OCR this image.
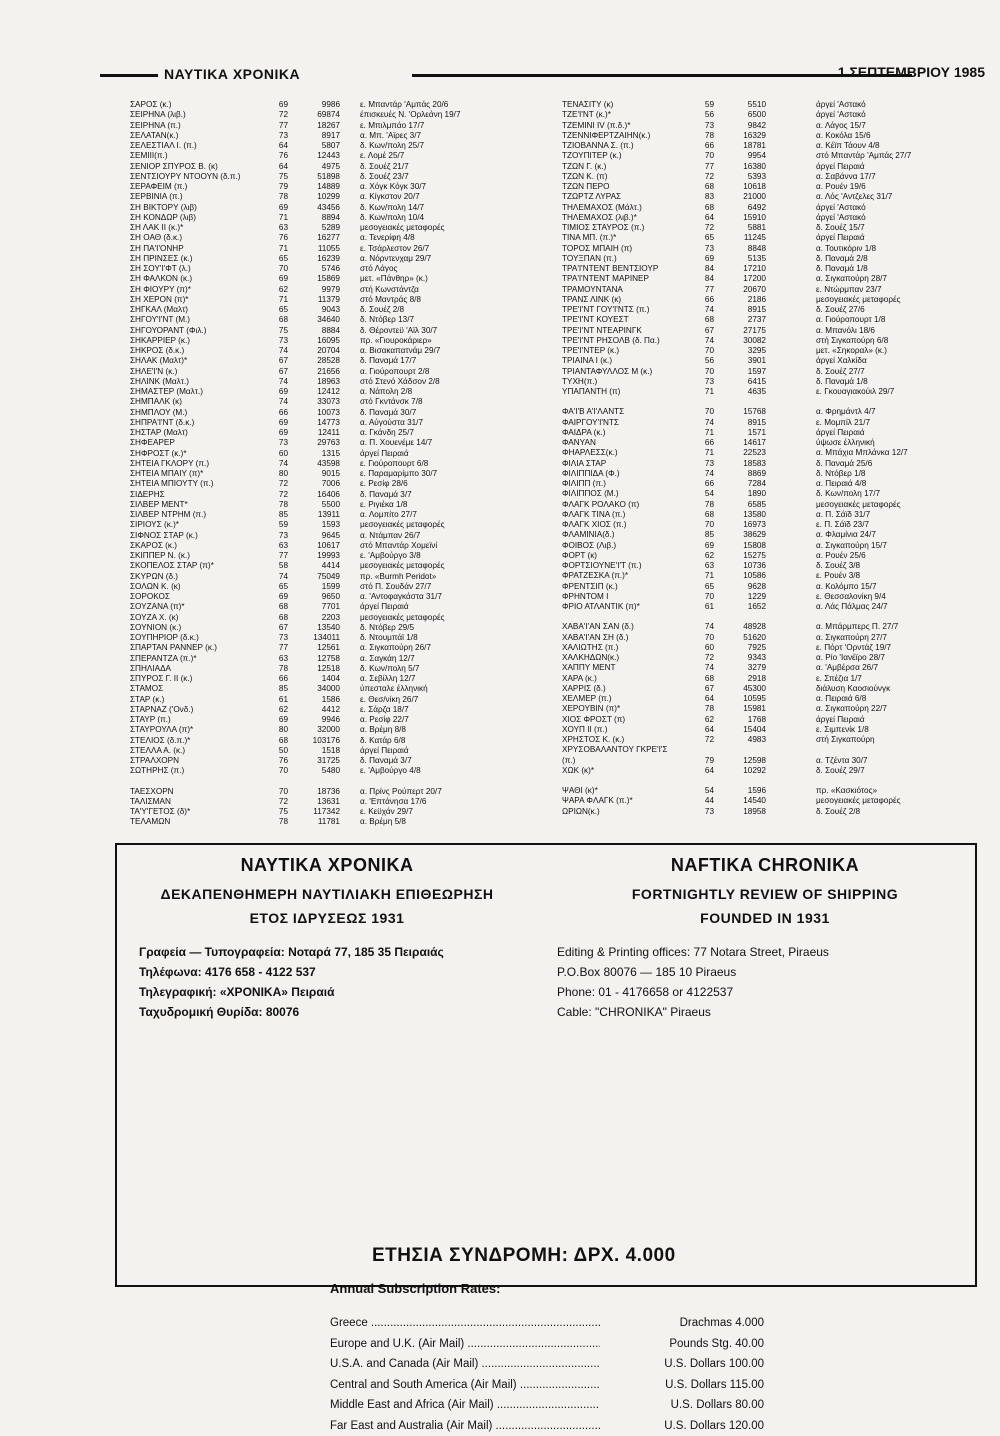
ΝΑΥΤΙΚΑ ΧΡΟΝΙΚΑ	1 ΣΕΠΤΕΜΒΡΙΟΥ 1985
ΣΑΡΟΣ (κ.)	69	9986 ε. Μπαντάρ 'Αμπάς 20/6
ΣΕΙΡΗΝΑ (λιβ.)	72	69874 έπισκευές Ν. 'Ορλεάνη 19/7
ΣΕΙΡΗΝΑ (π.)	77	18267 ε. Μπιλμπάο 17/7
ΣΕΛΑΤΑΝ(κ.)	73	8917 α. Μπ. 'Αϊρες 3/7
ΣΕΛΕΣΤΙΑΛ Ι. (π.)	64	5807 δ. Κων/πολη 25/7
ΣΕΜΙΙΙ(π.)	76	12443 ε. Λομέ 25/7
ΣΕΝΙΟΡ ΣΠΥΡΟΣ Β. (κ)	64	4975 δ. Σουέζ 21/7
ΣΕΝΤΣΙΟΥΡΥ ΝΤΟΟΥΝ (δ.π.)	75	51898 δ. Σουέζ 23/7
ΣΕΡΑΦΕΙΜ (π.)	79	14889 α. Χόγκ Κόγκ 30/7
ΣΕΡΒΙΝΙΑ (π.)	78	10299 α. Κίγκστον 20/7
ΣΗ ΒΙΚΤΟΡΥ (λιβ)	69	43456 δ. Κων/πολη 14/7
ΣΗ ΚΟΝΔΩΡ (λιβ)	71	8894 δ. Κων/πολη 10/4
ΣΗ ΛΑΚ ΙΙ (κ.)*	63	5289 μεσογειακές μεταφορές
ΣΗ ΟΑΘ (δ.κ.)	76	16277 α. Τενερίφη 4/8
ΣΗ ΠΑ'Ι'ΟΝΗΡ	71	11055 ε. Τσάρλεστον 26/7
ΣΗ ΠΡΙΝΣΕΣ (κ.)	65	16239 α. Νόρντενχαμ 29/7
ΣΗ ΣΟΥ'Ι'ΦΤ (λ.)	70	5746 στό Λάγος
ΣΗ ΦΑΛΚΟΝ (κ.)	69	15869 μετ. «Πάνθηρ» (κ.)
ΣΗ ΦΙΟΥΡΥ (π)*	62	9979 στή Κωνστάντζα
ΣΗ ΧΕΡΟΝ (π)*	71	11379 στό Μαντράς 8/8
ΣΗΓΚΑΛ (Μαλτ)	65	9043 δ. Σουέζ 2/8
ΣΗΓΟΥ'Ι'ΝΤ (Μ.)	68	34640 δ. Ντόβερ 13/7
ΣΗΓΟΥΟΡΑΝΤ (Φιλ.)	75	8884 δ. Θέροντεϋ 'Αϊλ 30/7
ΣΗΚΑΡΡΙΕΡ (κ.)	73	16095 πρ. «Γιουροκάριερ»
ΣΗΚΡΟΣ (δ.κ.)	74	20704 α. Βισακαπατνάμ 29/7
ΣΗΛΑΚ (Μαλτ)*	67	28528 δ. Παναμά 17/7
ΣΗΛΕ'Ι'Ν (κ.)	67	21656 α. Γιούροπουρτ 2/8
ΣΗΛΙΝΚ (Μαλτ.)	74	18963 στό Στενό Χάδσον 2/8
ΣΗΜΑΣΤΕΡ (Μαλτ.)	69	12412 α. Νάπολη 2/8
ΣΗΜΠΑΛΚ (κ)	74	33073 στό Γκντάνσκ 7/8
ΣΗΜΠΛΟΥ (Μ.)	66	10073 δ. Παναμά 30/7
ΣΗΠΡΑ'Ι'ΝΤ (δ.κ.)	69	14773 α. Αύγούστα 31/7
ΣΗΣΤΑΡ (Μαλτ)	69	12411 α. Γκάνδη 25/7
ΣΗΦΕΑΡΕΡ	73	29763 α. Π. Χουενέμε 14/7
ΣΗΦΡΟΣΤ (κ.)*	60	1315 άργεί Πειραιά
ΣΗΤΕΙΑ ΓΚΛΟΡΥ (π.)	74	43598 ε. Γιούροπουρτ 6/8
ΣΗΤΕΙΑ ΜΠΑΙΥ (π)*	80	9015 ε. Παραμαρίμπο 30/7
ΣΗΤΕΙΑ ΜΠΙΟΥΤΥ (π.)	72	7006 ε. Ρεσίφ 28/6
ΣΙΔΕΡΗΣ	72	16406 δ. Παναμά 3/7
ΣΙΛΒΕΡ ΜΕΝΤ*	78	5500 ε. Ριγιέκα 1/8
ΣΙΛΒΕΡ ΝΤΡΗΜ (π.)	85	13911 α. Λομπίτο 27/7
ΣΙΡΙΟΥΣ (κ.)*	59	1593 μεσογειακές μεταφορές
ΣΙΦΝΟΣ ΣΤΑΡ (κ.)	73	9645 α. Ντάμπαν 26/7
ΣΚΑΡΟΣ (κ.)	63	10617 στό Μπαντάρ Χομεϊνί
ΣΚΙΠΠΕΡ Ν. (κ.)	77	19993 ε. 'Αμβούργο 3/8
ΣΚΟΠΕΛΟΣ ΣΤΑΡ (π)*	58	4414 μεσογειακές μεταφορές
ΣΚΥΡΩΝ (δ.)	74	75049 πρ. «Burmh Peridot»
ΣΟΛΩΝ Κ. (κ)	65	1599 στό Π. Σουδάν 27/7
ΣΟΡΟΚΟΣ	69	9650 α. 'Αντοφαγκάστα 31/7
ΣΟΥΖΑΝΑ (π)*	68	7701 άργεί Πειραιά
ΣΟΥΖΑ Χ. (κ)	68	2203 μεσογειακές μεταφορές
ΣΟΥΝΙΟΝ (κ.)	67	13540 δ. Ντόβερ 29/5
ΣΟΥΠΗΡΙΟΡ (δ.κ.)	73	134011 δ. Ντουμπάϊ 1/8
ΣΠΑΡΤΑΝ ΡΑΝΝΕΡ (κ.)	77	12561 α. Σιγκαπούρη 26/7
ΣΠΕΡΑΝΤΖΑ (π.)*	63	12758 α. Σαγκάη 12/7
ΣΠΗΛΙΑΔΑ	78	12518 δ. Κων/πολη 5/7
ΣΠΥΡΟΣ Γ. ΙΙ (κ.)	66	1404 α. Σεβίλλη 12/7
ΣΤΑΜΟΣ	85	34000 ύπεσταλε έλληνική
ΣΤΑΡ (κ.)	61	1586 ε. Θεσ/νίκη 26/7
ΣΤΑΡΝΑΖ ('Ονδ.)	62	4412 ε. Σάρζα 18/7
ΣΤΑΥΡ (π.)	69	9946 α. Ρεσίφ 22/7
ΣΤΑΥΡΟΥΛΑ (π)*	80	32000 α. Βρέμη 8/8
ΣΤΕΛΙΟΣ (δ.π.)*	68	103176 δ. Κατάρ 6/8
ΣΤΕΛΛΑ Α. (κ.)	50	1518 άργεί Πειραιά
ΣΤΡΑΛΧΟΡΝ	76	31725 δ. Παναμά 3/7
ΣΩΤΗΡΗΣ (π.)	70	5480 ε. 'Αμβούργο 4/8
ΤΑΕΣΧΟΡΝ	70	18736 α. Πρίνς Ρούπερτ 20/7
ΤΑΛΙΣΜΑΝ	72	13631 α. 'Επτάνησα 17/6
ΤΑ'Υ'ΓΕΤΟΣ (δ)*	75	117342 ε. Κεϋχάν 29/7
ΤΕΛΑΜΩΝ	78	11781 α. Βρέμη 5/8
ΤΕΝΑΣΙΤΥ (κ)	59	5510	άργεί 'Αστακό
ΤΖΕ'Ι'ΝΤ (κ.)*	56	6500	άργεί 'Αστακό
ΤΖΕΜΙΝΙ ΙV (π.δ.)*	73	9842	α. Λάγος 15/7
ΤΖΕΝΝΙΦΕΡΤΖΑΙΗΝ(κ.)	78	16329	α. Κοκόλα 15/6
ΤΖΙΟΒΑΝΝΑ Σ. (π.)	66	18781	α. Κέϊπ Τάουν 4/8
ΤΖΟΥΠΙΤΕΡ (κ.)	70	9954	στό Μπαντάρ 'Αμπάς 27/7
ΤΖΩΝ Γ. (κ.)	77	16380	άργεί Πειραιά
ΤΖΩΝ Κ. (π)	72	5393	α. Σαβάννα 17/7
ΤΖΩΝ ΠΕΡΟ	68	10618	α. Ρουέν 19/6
ΤΖΩΡΤΖ ΛΥΡΑΣ	83	21000	α. Λός 'Αντζελες 31/7
ΤΗΛΕΜΑΧΟΣ (Μάλτ.)	68	6492	άργεί 'Αστακό
ΤΗΛΕΜΑΧΟΣ (λιβ.)*	64	15910	άργεί 'Αστακό
ΤΙΜΙΟΣ ΣΤΑΥΡΟΣ (π.)	72	5881	δ. Σουέζ 15/7
ΤΙΝΑ ΜΠ. (π.)*	65	11245	άργεί Πειραιά
ΤΟΡΟΣ ΜΠΑΙΗ (π)	73	8848	α. Τουτικόριν 1/8
ΤΟΥΞΠΑΝ (π.)	69	5135	δ. Παναμά 2/8
ΤΡΑ'Ι'ΝΤΕΝΤ ΒΕΝΤΣΙΟΥΡ	84	17210	δ. Παναμά 1/8
ΤΡΑ'Ι'ΝΤΕΝΤ ΜΑΡΙΝΕΡ	84	17200	α. Σιγκαπούρη 28/7
ΤΡΑΜΟΥΝΤΑΝΑ	77	20670	ε. Ντώρμπαν 23/7
ΤΡΑΝΣ ΛΙΝΚ (κ)	66	2186	μεσογειακές μεταφορές
ΤΡΕ'Ι'ΝΤ ΓΟΥ'Ι'ΝΤΣ (π.)	74	8915	δ. Σουέζ 27/6
ΤΡΕ'Ι'ΝΤ ΚΟΥΕΣΤ	68	2737	α. Γιούροπουρτ 1/8
ΤΡΕ'Ι'ΝΤ ΝΤΕΑΡΙΝΓΚ	67	27175	α. Μπανόλι 18/6
ΤΡΕ'Ι'ΝΤ ΡΗΣΟΛΒ (δ. Πα.)	74	30082	στή Σιγκαπούρη 6/8
ΤΡΕ'Ι'ΝΤΕΡ (κ.)	70	3295	μετ. «Σηκοραλ» (κ.)
ΤΡΙΑΙΝΑ Ι (κ.)	56	3901	άργεί Χαλκίδα
ΤΡΙΑΝΤΑΦΥΛΛΟΣ Μ (κ.)	70	1597	δ. Σουέζ 27/7
ΤΥΧΗ(π.)	73	6415	δ. Παναμά 1/8
ΥΠΑΠΑΝΤΗ (π)	71	4635	ε. Γκουαγιακούιλ 29/7
ΦΑ'Ι'Β Α'Ι'ΛΑΝΤΣ	70	15768	α. Φρημάντλ 4/7
ΦΑΙΡΓΟΥ'Ι'ΝΤΣ	74	8915	ε. Μομπίλ 21/7
ΦΑΙΔΡΑ (κ.)	71	1571	άργεί Πειραιά
ΦΑΝΥΑΝ	66	14617	ύψωσε έλληνική
ΦΗΑΡΛΕΣΣ(κ.)	71	22523	α. Μπάχια Μπλάνκα 12/7
ΦΙΛΙΑ ΣΤΑΡ	73	18583	δ. Παναμά 25/6
ΦΙΛΙΠΠΙΔΑ (Φ.)	74	8869	δ. Ντόβερ 1/8
ΦΙΛΙΠΠ (π.)	66	7284	α. Πειραιά 4/8
ΦΙΛΙΠΠΟΣ (Μ.)	54	1890	δ. Κων/πολη 17/7
ΦΛΑΓΚ ΡΟΛΑΚΟ (π)	78	6585	μεσογειακές μεταφορές
ΦΛΑΓΚ ΤΙΝΑ (π.)	68	13580	α. Π. Σάϊδ 31/7
ΦΛΑΓΚ ΧΙΟΣ (π.)	70	16973	ε. Π. Σάϊδ 23/7
ΦΛΑΜΙΝΙΑ(δ.)	85	38629	α. Φλαμίνια 24/7
ΦΟΙΒΟΣ (Λιβ.)	69	15808	α. Σιγκαπούρη 15/7
ΦΟΡΤ (κ)	62	15275	α. Ρουέν 25/6
ΦΟΡΤΣΙΟΥΝΕ'Ι'Τ (π.)	63	10736	δ. Σουέζ 3/8
ΦΡΑΤΖΕΣΚΑ (π.)*	71	10586	ε. Ρουέν 3/8
ΦΡΕΝΤΣΙΠ (κ.)	65	9628	α. Κολόμπο 15/7
ΦΡΗΝΤΟΜ Ι	70	1229	ε. Θεσσαλονίκη 9/4
ΦΡΙΟ ΑΤΛΑΝΤΙΚ (π)*	61	1652	α. Λάς Πάλμας 24/7
ΧΑΒΑ'Ι'ΑΝ ΣΑΝ (δ.)	74	48928	α. Μπάρμπερς Π. 27/7
ΧΑΒΑ'Ι'ΑΝ ΣΗ (δ.)	70	51620	α. Σιγκαπούρη 27/7
ΧΑΛΙΩΤΗΣ (π.)	60	7925	ε. Πόρτ 'Ορντάζ 19/7
ΧΑΛΚΗΔΩΝ(κ.)	72	9343	α. Ρίο 'Ιανέϊρο 28/7
ΧΑΠΠΥ ΜΕΝΤ	74	3279	α. 'Αμβέρσα 26/7
ΧΑΡΑ (κ.)	68	2918	ε. Σπέζια 1/7
ΧΑΡΡΙΣ (δ.)	67	45300	διάλυση Καοσιούνγκ
ΧΕΛΜΕΡ (π.)	64	10595	α. Πειραιά 6/8
ΧΕΡΟΥΒΙΝ (π)*	78	15981	α. Σιγκαπούρη 22/7
ΧΙΟΣ ΦΡΟΣΤ (π)	62	1768	άργεί Πειραιά
ΧΟΥΠ ΙΙ (π.)	64	15404	ε. Σιμπενίκ 1/8
ΧΡΗΣΤΟΣ Κ. (κ.)	72	4983	στή Σιγκαπούρη
ΧΡΥΣΟΒΑΛΑΝΤΟΥ ΓΚΡΕ'Ι'Σ
(π.)	79	12598	α. Τζέντα 30/7
ΧΩΚ (κ)*	64	10292	δ. Σουέζ 29/7
ΨΑΘΙ (κ)*	54	1596	πρ. «Κασκιότος»
ΨΑΡΑ ΦΛΑΓΚ (π.)*	44	14540	μεσογειακές μεταφορές
ΩΡΙΩΝ(κ.)	73	18958	δ. Σουέζ 2/8
ΝΑΥΤΙΚΑ ΧΡΟΝΙΚΑ
ΔΕΚΑΠΕΝΘΗΜΕΡΗ ΝΑΥΤΙΛΙΑΚΗ ΕΠΙΘΕΩΡΗΣΗ
ΕΤΟΣ ΙΔΡΥΣΕΩΣ 1931
Γραφεία — Τυπογραφεία: Νοταρά 77, 185 35 Πειραιάς
Τηλέφωνα: 4176 658 - 4122 537
Τηλεγραφική: «ΧΡΟΝΙΚΑ» Πειραιά
Ταχυδρομική Θυρίδα: 80076
NAFTIKA CHRONIKA
FORTNIGHTLY REVIEW OF SHIPPING
FOUNDED IN 1931
Editing & Printing offices: 77 Notara Street, Piraeus
P.O.Box 80076 — 185 10 Piraeus
Phone: 01 - 4176658 or 4122537
Cable: "CHRONIKA" Piraeus
ΕΤΗΣΙΑ ΣΥΝΔΡΟΜΗ: ΔΡΧ. 4.000
Annual Subscription Rates:
Greece .....	Drachmas 4.000
Europe and U.K. (Air Mail) .....	Pounds Stg. 40.00
U.S.A. and Canada (Air Mail) .....	U.S. Dollars 100.00
Central and South America (Air Mail) .....	U.S. Dollars 115.00
Middle East and Africa (Air Mail) .....	U.S. Dollars 80.00
Far East and Australia (Air Mail) .....	U.S. Dollars 120.00
